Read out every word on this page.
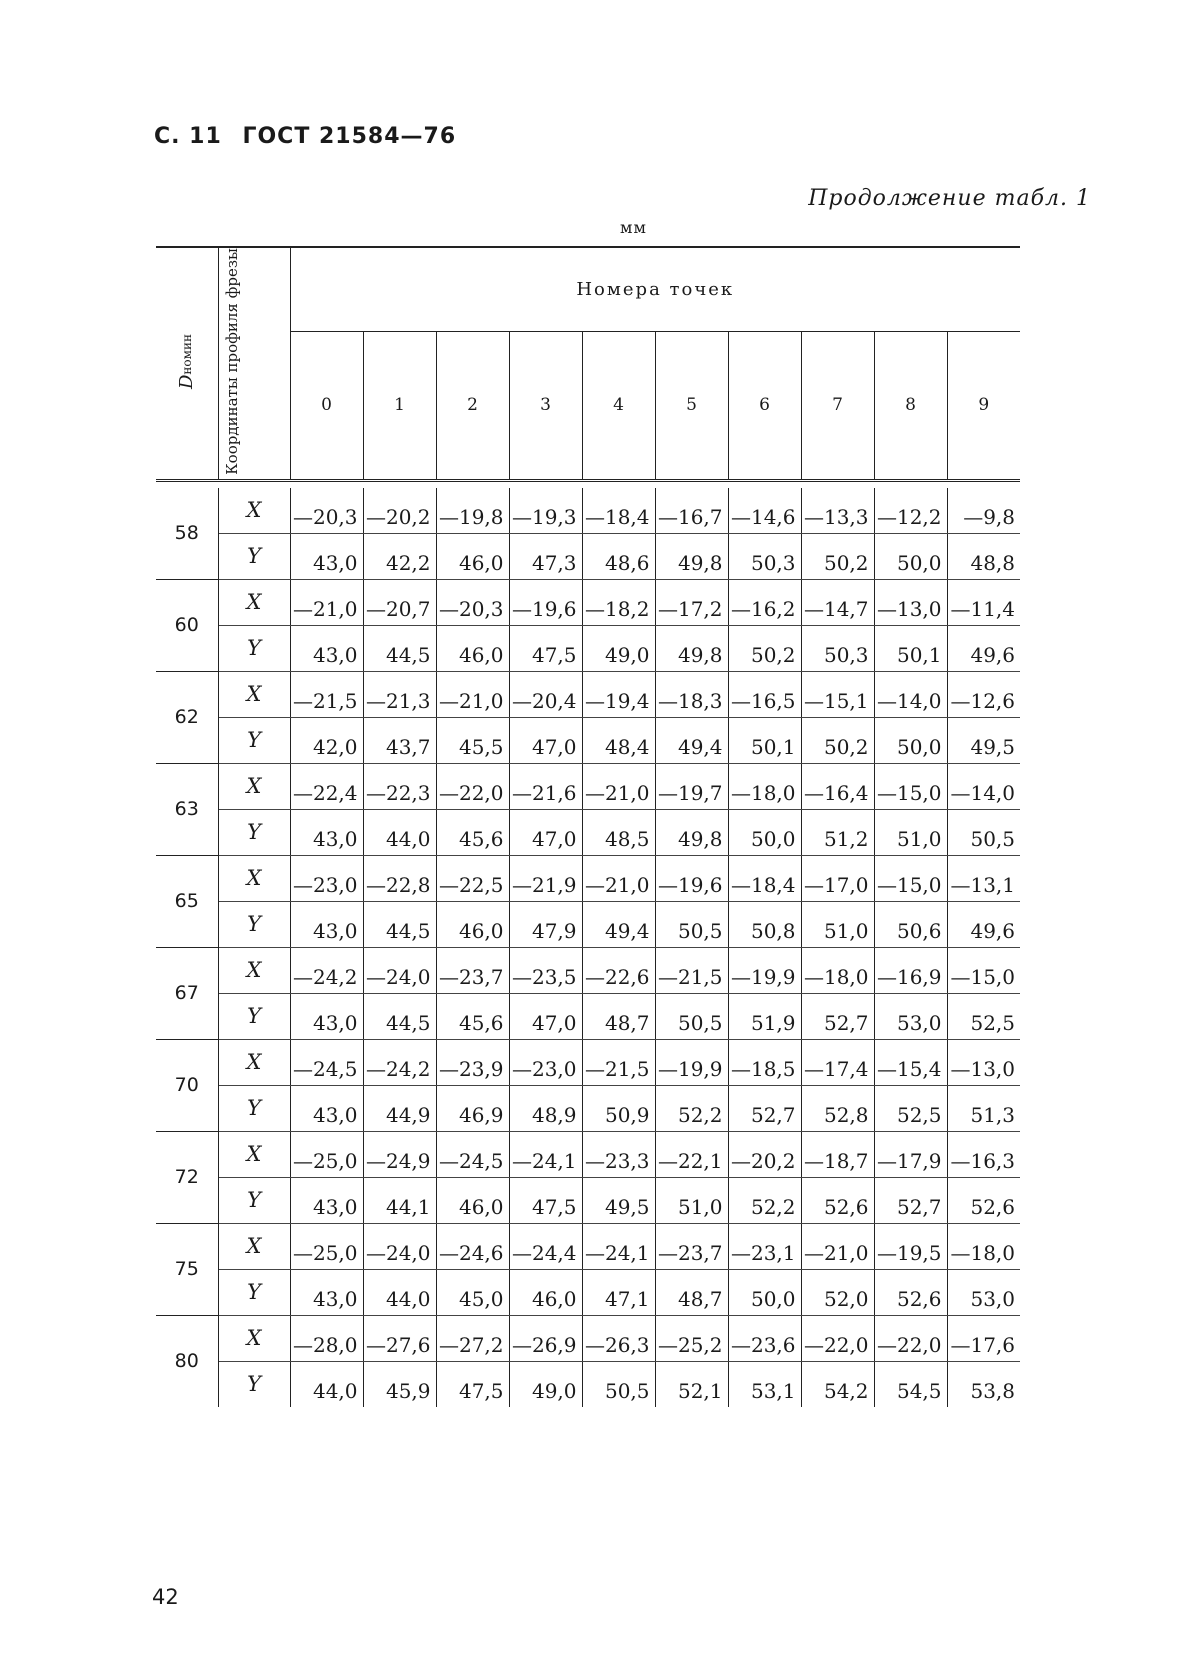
С. 11 ГОСТ 21584—76
Продолжение табл. 1
мм
Dномин	Координаты профиля фрезы	Номера точек									
		0	1	2	3	4	5	6	7	8	9

58	X	—20,3	—20,2	—19,8	—19,3	—18,4	—16,7	—14,6	—13,3	—12,2	—9,8
	Y	43,0	42,2	46,0	47,3	48,6	49,8	50,3	50,2	50,0	48,8
60	X	—21,0	—20,7	—20,3	—19,6	—18,2	—17,2	—16,2	—14,7	—13,0	—11,4
	Y	43,0	44,5	46,0	47,5	49,0	49,8	50,2	50,3	50,1	49,6
62	X	—21,5	—21,3	—21,0	—20,4	—19,4	—18,3	—16,5	—15,1	—14,0	—12,6
	Y	42,0	43,7	45,5	47,0	48,4	49,4	50,1	50,2	50,0	49,5
63	X	—22,4	—22,3	—22,0	—21,6	—21,0	—19,7	—18,0	—16,4	—15,0	—14,0
	Y	43,0	44,0	45,6	47,0	48,5	49,8	50,0	51,2	51,0	50,5
65	X	—23,0	—22,8	—22,5	—21,9	—21,0	—19,6	—18,4	—17,0	—15,0	—13,1
	Y	43,0	44,5	46,0	47,9	49,4	50,5	50,8	51,0	50,6	49,6
67	X	—24,2	—24,0	—23,7	—23,5	—22,6	—21,5	—19,9	—18,0	—16,9	—15,0
	Y	43,0	44,5	45,6	47,0	48,7	50,5	51,9	52,7	53,0	52,5
70	X	—24,5	—24,2	—23,9	—23,0	—21,5	—19,9	—18,5	—17,4	—15,4	—13,0
	Y	43,0	44,9	46,9	48,9	50,9	52,2	52,7	52,8	52,5	51,3
72	X	—25,0	—24,9	—24,5	—24,1	—23,3	—22,1	—20,2	—18,7	—17,9	—16,3
	Y	43,0	44,1	46,0	47,5	49,5	51,0	52,2	52,6	52,7	52,6
75	X	—25,0	—24,0	—24,6	—24,4	—24,1	—23,7	—23,1	—21,0	—19,5	—18,0
	Y	43,0	44,0	45,0	46,0	47,1	48,7	50,0	52,0	52,6	53,0
80	X	—28,0	—27,6	—27,2	—26,9	—26,3	—25,2	—23,6	—22,0	—22,0	—17,6
	Y	44,0	45,9	47,5	49,0	50,5	52,1	53,1	54,2	54,5	53,8
42
